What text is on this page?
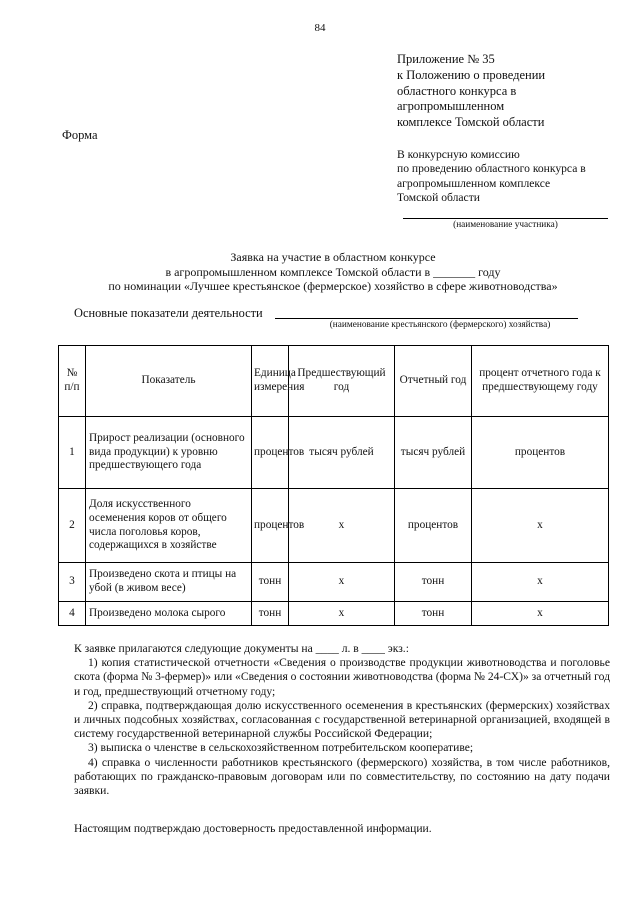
84
Приложение № 35
к Положению о проведении
областного конкурса в
агропромышленном
комплексе Томской области
Форма
В конкурсную комиссию
по проведению областного конкурса в
агропромышленном комплексе
Томской области
(наименование участника)
Заявка на участие в областном конкурсе
в агропромышленном комплексе Томской области в _______ году
по номинации «Лучшее крестьянское (фермерское) хозяйство в сфере животноводства»
Основные показатели деятельности
(наименование крестьянского (фермерского) хозяйства)
№ п/п	Показатель	Единица измерения	Предшествующий год	Отчетный год	процент отчетного года к предшествующему году
1	Прирост реализации (основного вида продукции) к уровню предшествующего года	процентов	тысяч рублей	тысяч рублей	процентов
2	Доля искусственного осеменения коров от общего числа поголовья коров, содержащихся в хозяйстве	процентов	х	процентов	х
3	Произведено скота и птицы на убой (в живом весе)	тонн	х	тонн	х
4	Произведено молока сырого	тонн	х	тонн	х

К заявке прилагаются следующие документы на ____ л. в ____ экз.:

1) копия статистической отчетности «Сведения о производстве продукции животноводства и поголовье скота (форма № 3-фермер)» или «Сведения о состоянии животноводства (форма № 24-СХ)» за отчетный год и год, предшествующий отчетному году;

2) справка, подтверждающая долю искусственного осеменения в крестьянских (фермерских) хозяйствах и личных подсобных хозяйствах, согласованная с государственной ветеринарной организацией, входящей в систему государственной ветеринарной службы Российской Федерации;

3) выписка о членстве в сельскохозяйственном потребительском кооперативе;

4) справка о численности работников крестьянского (фермерского) хозяйства, в том числе работников, работающих по гражданско-правовым договорам или по совместительству, по состоянию на дату подачи заявки.

Настоящим подтверждаю достоверность предоставленной информации.
